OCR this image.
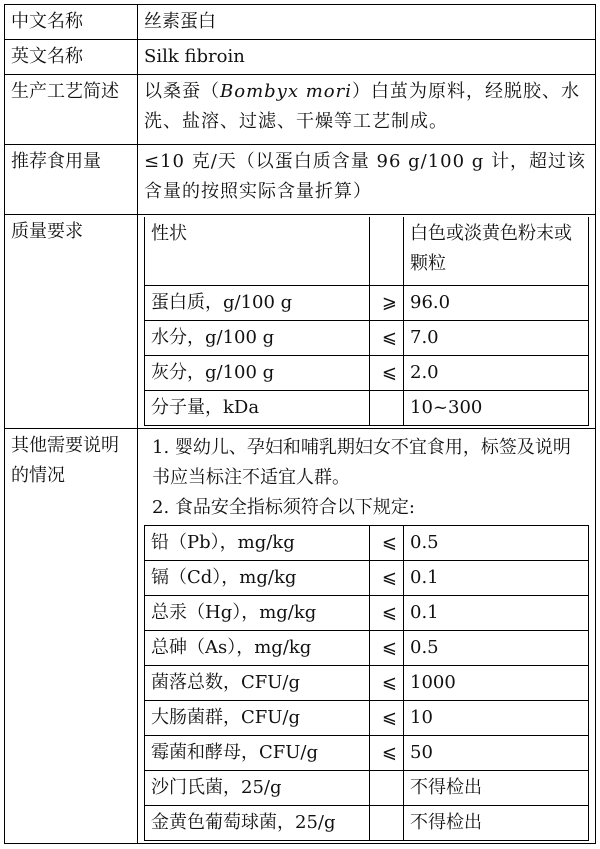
中文名称	丝素蛋白
英文名称	Silk fibroin
生产工艺简述	以桑蚕（Bombyx mori）白茧为原料，经脱胶、水洗、盐溶、过滤、干燥等工艺制成。
推荐食用量	≤10 克/天（以蛋白质含量 96 g/100 g 计，超过该含量的按照实际含量折算）
质量要求		性状		白色或淡黄色粉末或颗粒
蛋白质，g/100 g	⩾	96.0
水分，g/100 g	⩽	7.0
灰分，g/100 g	⩽	2.0
分子量，kDa		10~300

其他需要说明的情况	
1. 婴幼儿、孕妇和哺乳期妇女不宜食用，标签及说明书应当标注不适宜人群。
2. 食品安全指标须符合以下规定:
铅（Pb），mg/kg	⩽	0.5
镉（Cd），mg/kg	⩽	0.1
总汞（Hg），mg/kg	⩽	0.1
总砷（As），mg/kg	⩽	0.5
菌落总数，CFU/g	⩽	1000
大肠菌群，CFU/g	⩽	10
霉菌和酵母，CFU/g	⩽	50
沙门氏菌，25/g		不得检出
金黄色葡萄球菌，25/g		不得检出
